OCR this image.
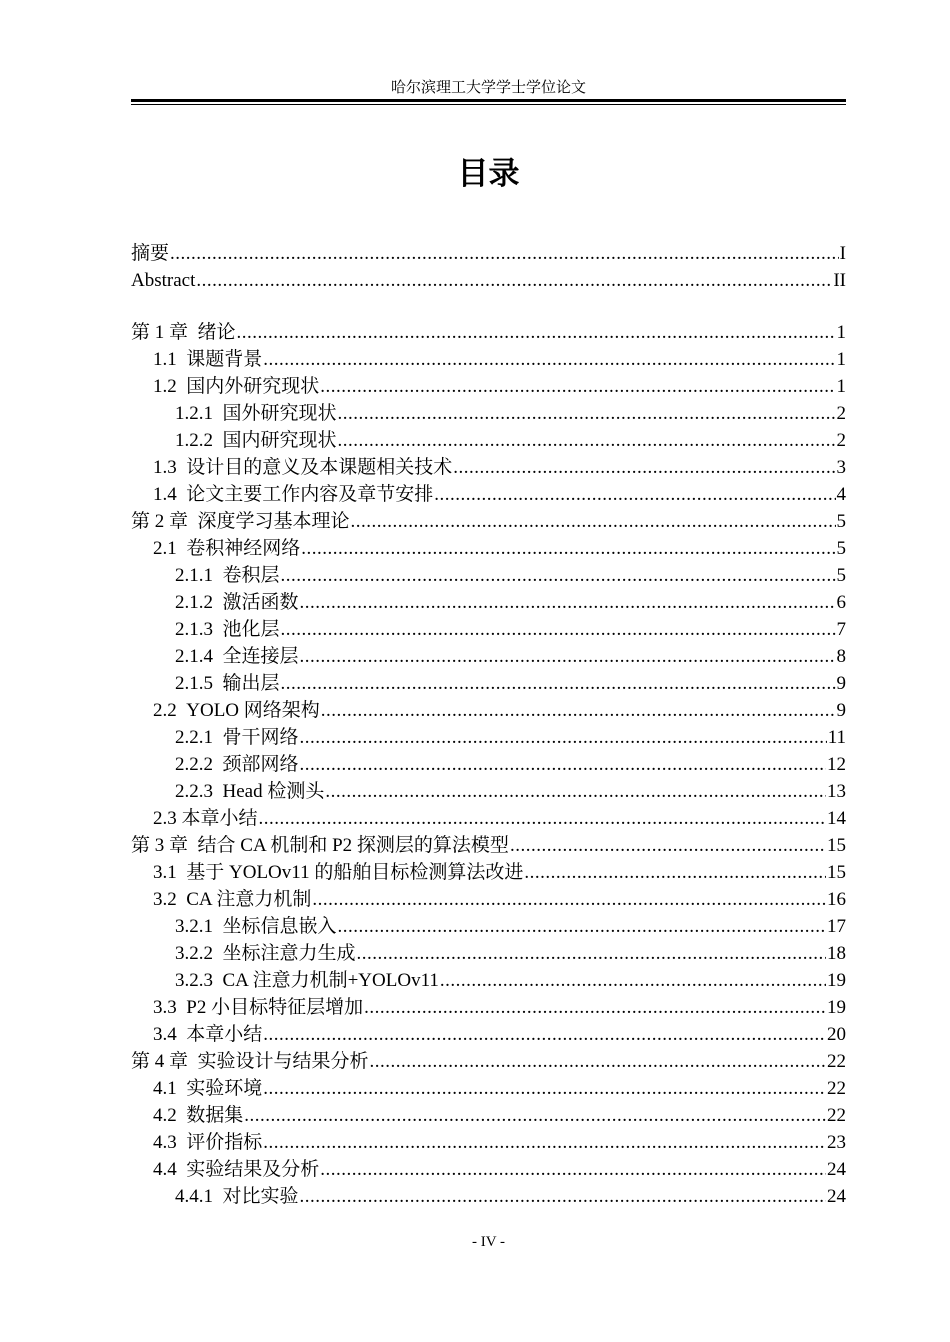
哈尔滨理工大学学士学位论文
目录
摘要 .....	I
Abstract .....	II
第 1 章 绪论 .....	1
1.1 课题背景 .....	1
1.2 国内外研究现状 .....	1
1.2.1 国外研究现状 .....	2
1.2.2 国内研究现状 .....	2
1.3 设计目的意义及本课题相关技术 .....	3
1.4 论文主要工作内容及章节安排 .....	4
第 2 章 深度学习基本理论 .....	5
2.1 卷积神经网络 .....	5
2.1.1 卷积层 .....	5
2.1.2 激活函数 .....	6
2.1.3 池化层 .....	7
2.1.4 全连接层 .....	8
2.1.5 输出层 .....	9
2.2 YOLO 网络架构 .....	9
2.2.1 骨干网络 .....	11
2.2.2 颈部网络 .....	12
2.2.3 Head 检测头 .....	13
2.3 本章小结 .....	14
第 3 章 结合 CA 机制和 P2 探测层的算法模型 .....	15
3.1 基于 YOLOv11 的船舶目标检测算法改进 .....	15
3.2 CA 注意力机制 .....	16
3.2.1 坐标信息嵌入 .....	17
3.2.2 坐标注意力生成 .....	18
3.2.3 CA 注意力机制+YOLOv11 .....	19
3.3 P2 小目标特征层增加 .....	19
3.4 本章小结 .....	20
第 4 章 实验设计与结果分析 .....	22
4.1 实验环境 .....	22
4.2 数据集 .....	22
4.3 评价指标 .....	23
4.4 实验结果及分析 .....	24
4.4.1 对比实验 .....	24
- IV -
